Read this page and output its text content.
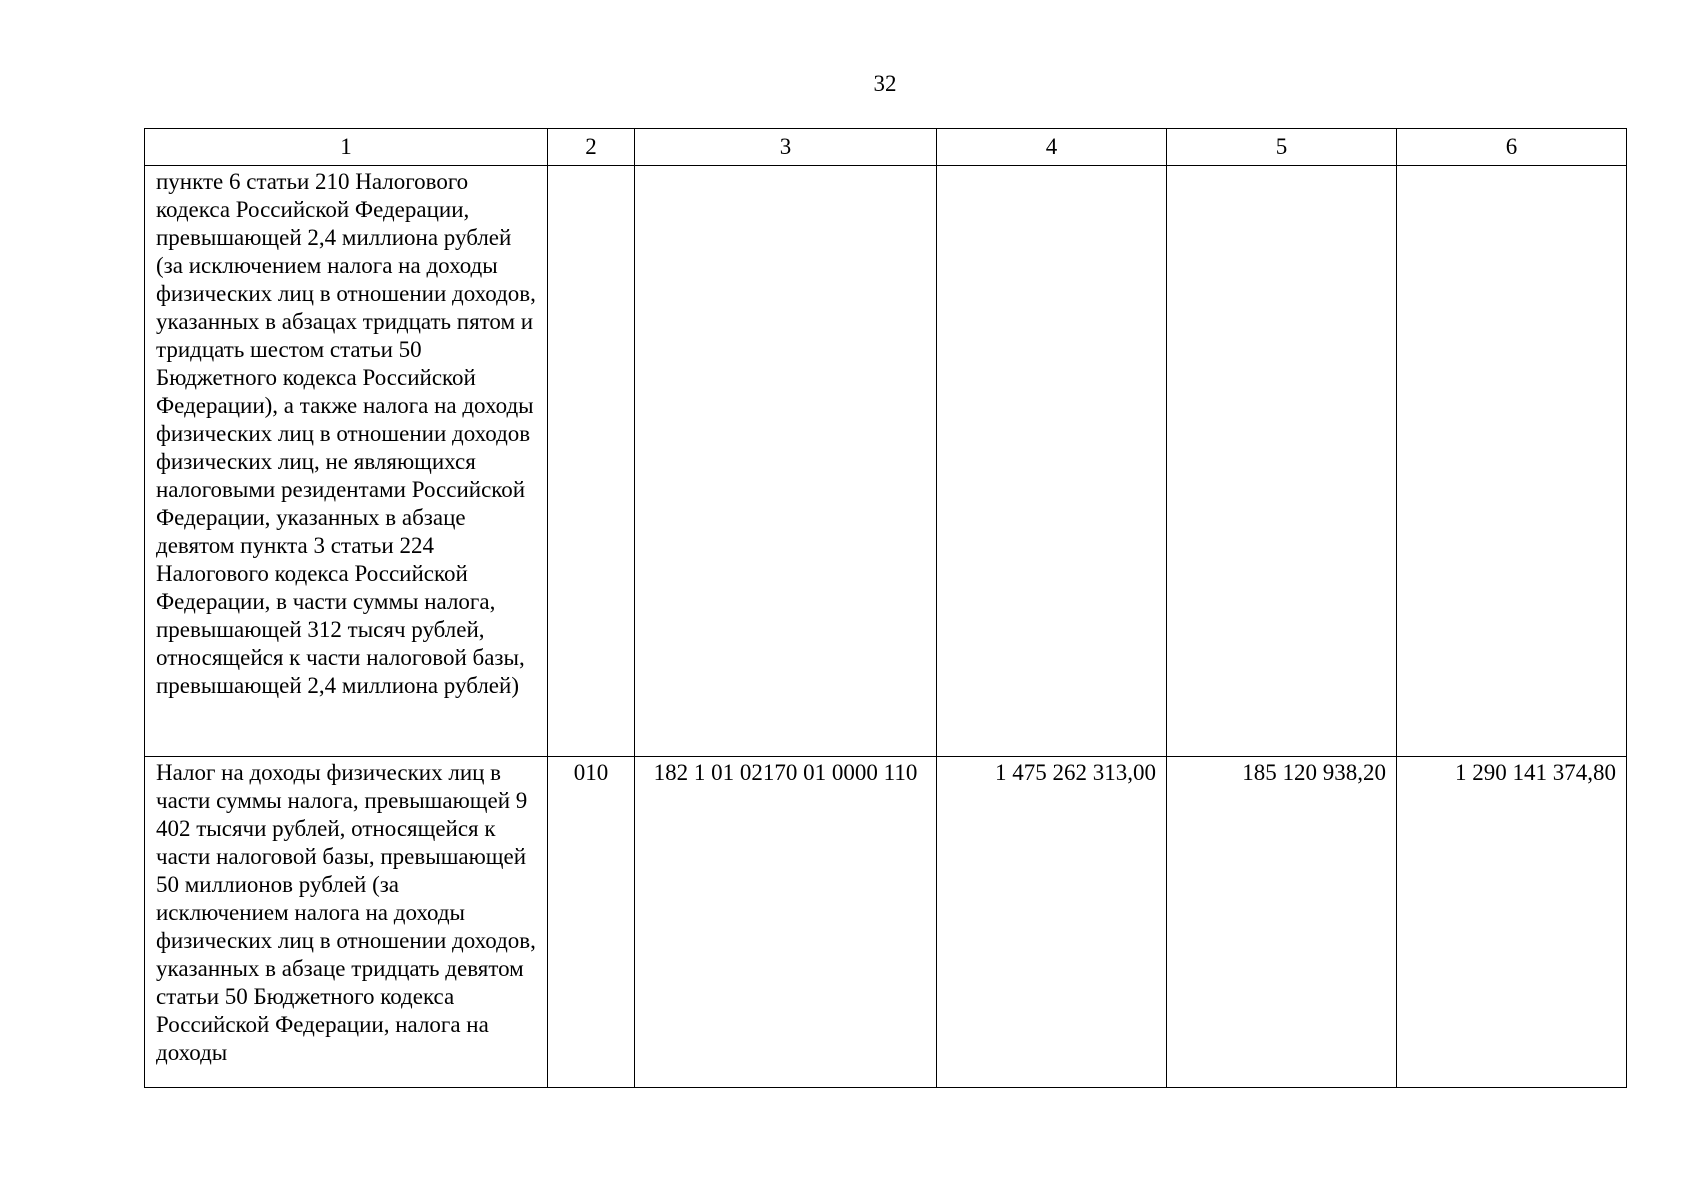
32
1	2	3	4	5	6

пункте 6 статьи 210 Налогового кодекса Российской Федерации, превышающей 2,4 миллиона рублей (за исключением налога на доходы физических лиц в отношении доходов, указанных в абзацах тридцать пятом и тридцать шестом статьи 50 Бюджетного кодекса Российской Федерации), а также налога на доходы физических лиц в отношении доходов физических лиц, не являющихся налоговыми резидентами Российской Федерации, указанных в абзаце девятом пункта 3 статьи 224 Налогового кодекса Российской Федерации, в части суммы налога, превышающей 312 тысяч рублей, относящейся к части налоговой базы, превышающей 2,4 миллиона рублей)					

Налог на доходы физических лиц в части суммы налога, превышающей 9 402 тысячи рублей, относящейся к части налоговой базы, превышающей 50 миллионов рублей (за исключением налога на доходы физических лиц в отношении доходов, указанных в абзаце тридцать девятом статьи 50 Бюджетного кодекса Российской Федерации, налога на доходы	010	182 1 01 02170 01 0000 110	1 475 262 313,00	185 120 938,20	1 290 141 374,80
